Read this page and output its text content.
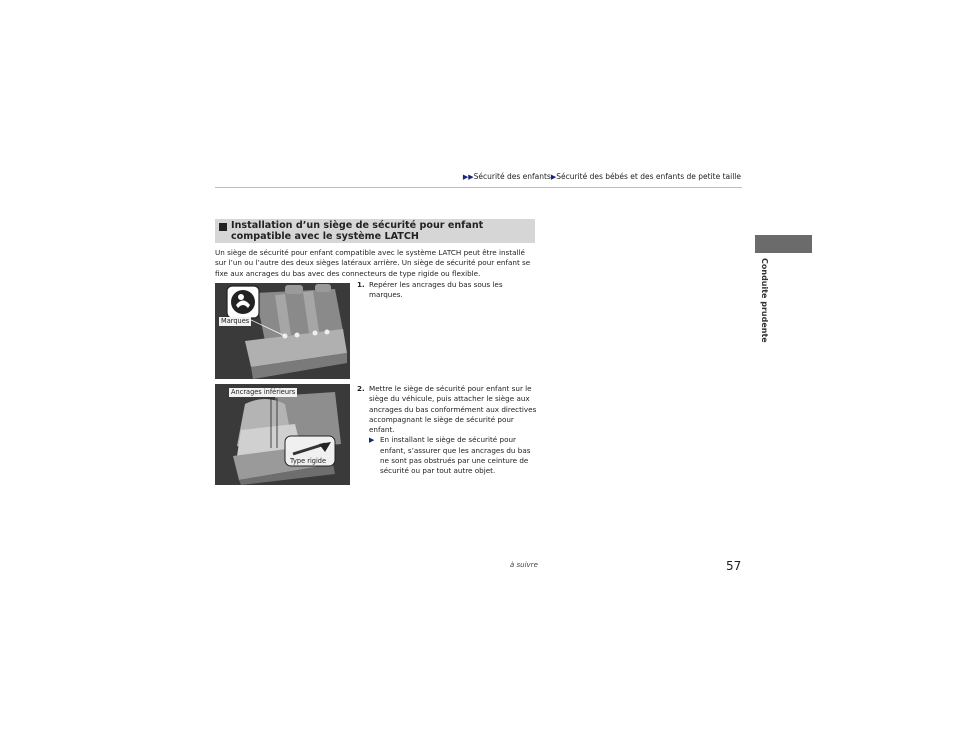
▶▶Sécurité des enfants▶Sécurité des bébés et des enfants de petite taille
Conduite prudente
Installation d’un siège de sécurité pour enfant compatible avec le système LATCH
Un siège de sécurité pour enfant compatible avec le système LATCH peut être installé sur l’un ou l’autre des deux sièges latéraux arrière. Un siège de sécurité pour enfant se fixe aux ancrages du bas avec des connecteurs de type rigide ou flexible.
Marques
1. Repérer les ancrages du bas sous les marques.
Ancrages inférieurs
Type rigide
2. Mettre le siège de sécurité pour enfant sur le siège du véhicule, puis attacher le siège aux ancrages du bas conformément aux directives accompagnant le siège de sécurité pour enfant.
▶ En installant le siège de sécurité pour enfant, s’assurer que les ancrages du bas ne sont pas obstrués par une ceinture de sécurité ou par tout autre objet.
à suivre	57
